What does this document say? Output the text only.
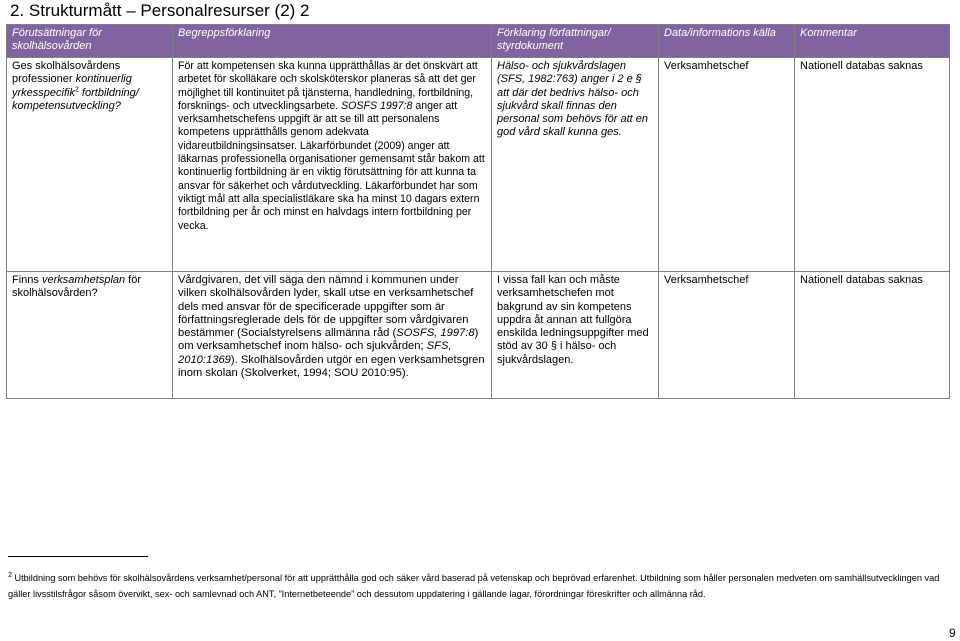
2. Strukturmått – Personalresurser (2) 2
Förutsättningar för skolhälsovården	Begreppsförklaring	Förklaring författningar/ styrdokument	Data/informations källa	Kommentar
Ges skolhälsovårdens professioner kontinuerlig yrkesspecifik$^2$ fortbildning/ kompetensutveckling?	För att kompetensen ska kunna upprätthållas är det önskvärt att arbetet för skolläkare och skolsköterskor planeras så att det ger möjlighet till kontinuitet på tjänsterna, handledning, fortbildning, forsknings- och utvecklingsarbete. SOSFS 1997:8 anger att verksamhetschefens uppgift är att se till att personalens kompetens upprätthålls genom adekvata vidareutbildningsinsatser. Läkarförbundet (2009) anger att läkarnas professionella organisationer gemensamt står bakom att kontinuerlig fortbildning är en viktig förutsättning för att kunna ta ansvar för säkerhet och vårdutveckling. Läkarförbundet har som viktigt mål att alla specialistläkare ska ha minst 10 dagars extern fortbildning per år och minst en halvdags intern fortbildning per vecka.	Hälso- och sjukvårdslagen (SFS, 1982:763) anger i 2 e § att där det bedrivs hälso- och sjukvård skall finnas den personal som behövs för att en god vård skall kunna ges.	Verksamhetschef	Nationell databas saknas
Finns verksamhetsplan för skolhälsovården?	Vårdgivaren, det vill säga den nämnd i kommunen under vilken skolhälsovården lyder, skall utse en verksamhetschef dels med ansvar för de specificerade uppgifter som är författningsreglerade dels för de uppgifter som vårdgivaren bestämmer (Socialstyrelsens allmänna råd (SOSFS, 1997:8) om verksamhetschef inom hälso- och sjukvården; SFS, 2010:1369). Skolhälsovården utgör en egen verksamhetsgren inom skolan (Skolverket, 1994; SOU 2010:95).	I vissa fall kan och måste verksamhetschefen mot bakgrund av sin kompetens uppdra åt annan att fullgöra enskilda ledningsuppgifter med stöd av 30 § i hälso- och sjukvårdslagen.	Verksamhetschef	Nationell databas saknas
$^2$ Utbildning som behövs för skolhälsovårdens verksamhet/personal för att upprätthålla god och säker vård baserad på vetenskap och beprövad erfarenhet. Utbildning som håller personalen medveten om samhällsutvecklingen vad gäller livsstilsfrågor såsom övervikt, sex- och samlevnad och ANT, ”Internetbeteende” och dessutom uppdatering i gällande lagar, förordningar föreskrifter och allmänna råd.
9
